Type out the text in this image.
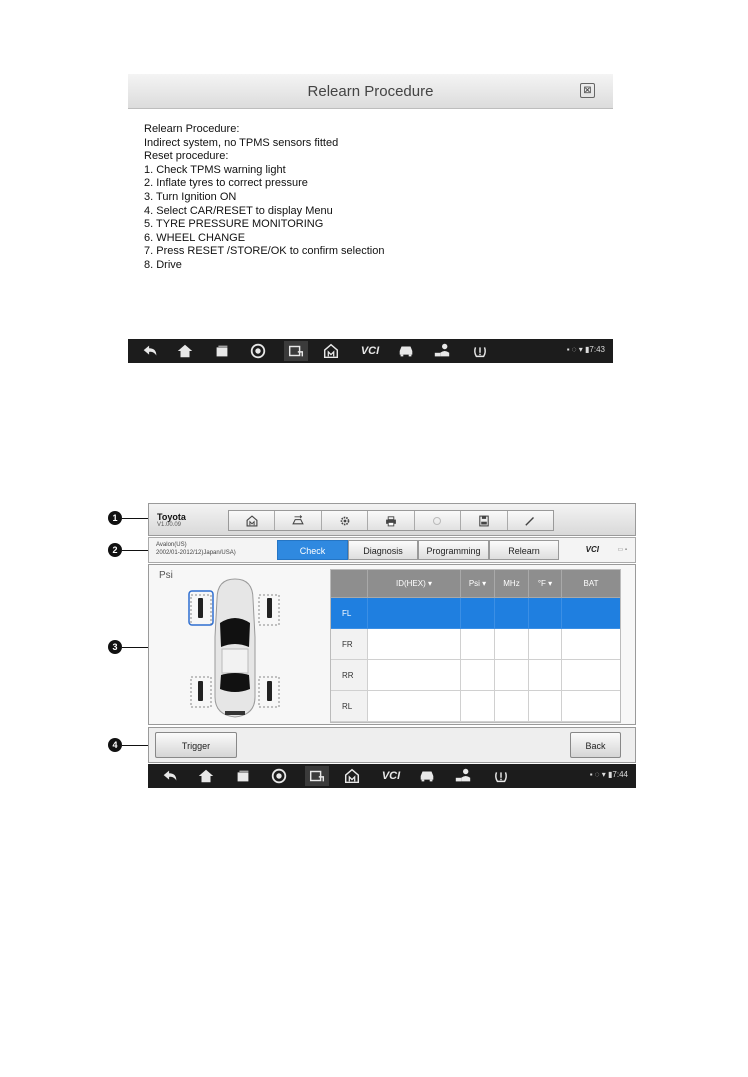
Relearn Procedure	⊠
Relearn Procedure:
Indirect system, no TPMS sensors fitted
Reset procedure:
1. Check TPMS warning light
2. Inflate tyres to correct pressure
3. Turn Ignition ON
4. Select CAR/RESET to display Menu
5. TYRE PRESSURE MONITORING
6. WHEEL CHANGE
7. Press RESET /STORE/OK to confirm selection
8. Drive
VCI	▪ ◌ ▾ ▮7:43
1
2
3
4
Toyota
V1.00.09
Avalon(US)
2002/01-2012/12)Japan/USA)	Check	Diagnosis	Programming	Relearn	VCI	▭ ▪
Psi
ID(HEX) ▾	Psi ▾	MHz	°F ▾	BAT
FL
FR
RR
RL
Trigger	Back
VCI	▪ ◌ ▾ ▮7:44
